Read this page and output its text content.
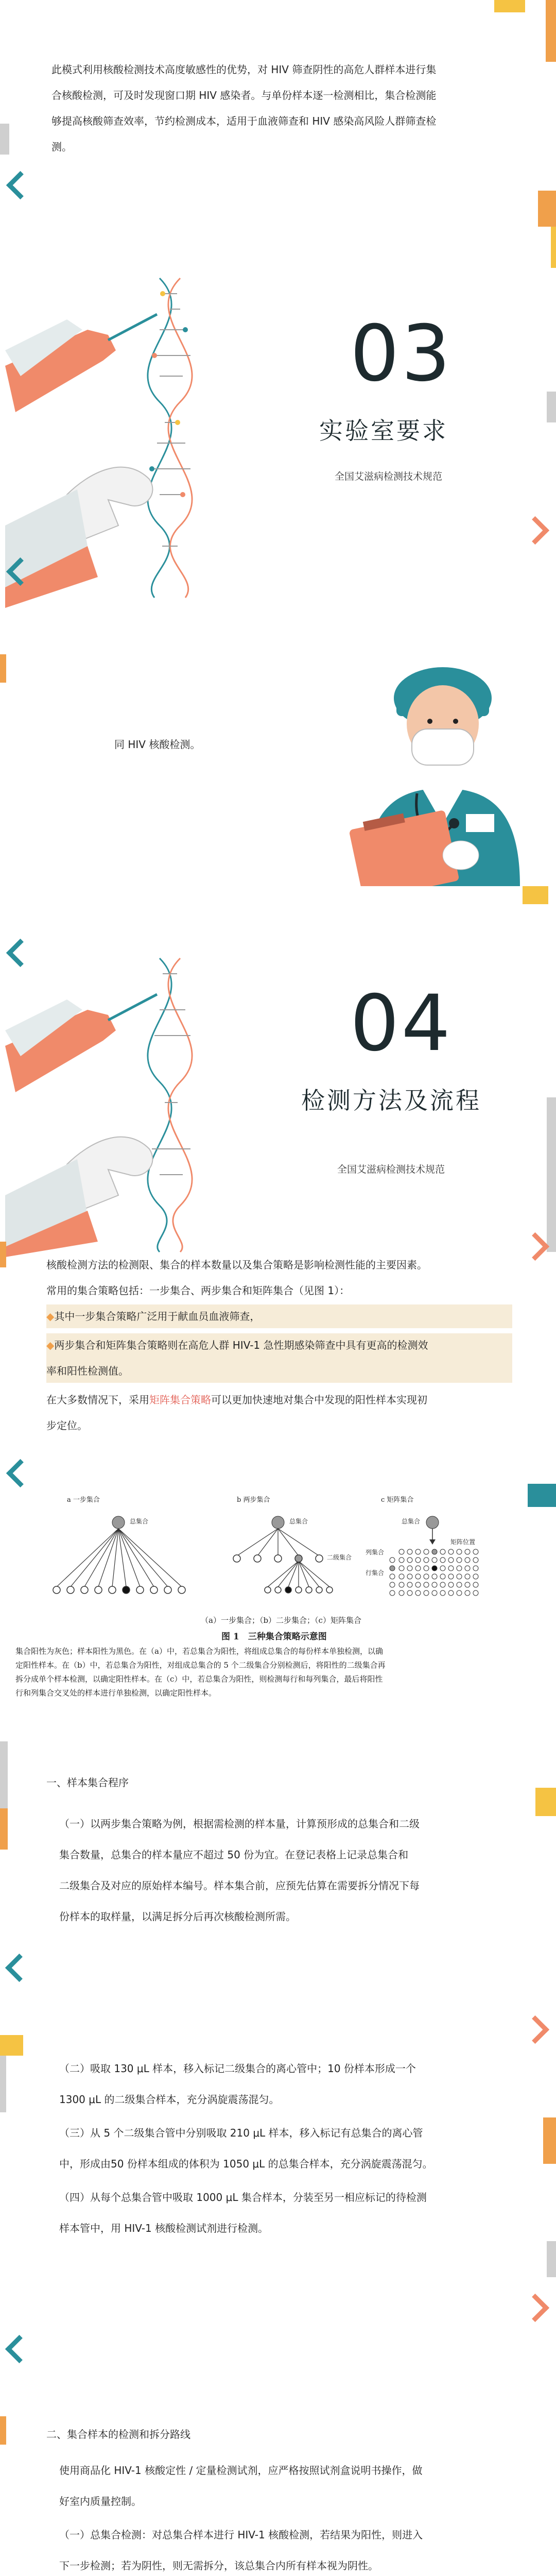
此模式利用核酸检测技术高度敏感性的优势，对 HIV 筛查阴性的高危人群样本进行集
合核酸检测，可及时发现窗口期 HIV 感染者。与单份样本逐一检测相比，集合检测能
够提高核酸筛查效率，节约检测成本，适用于血液筛查和 HIV 感染高风险人群筛查检
测。
03
实验室要求
全国艾滋病检测技术规范
同 HIV 核酸检测。
04
检测方法及流程
全国艾滋病检测技术规范
核酸检测方法的检测限、集合的样本数量以及集合策略是影响检测性能的主要因素。
常用的集合策略包括：一步集合、两步集合和矩阵集合（见图 1）：
◆其中一步集合策略广泛用于献血员血液筛查，
◆两步集合和矩阵集合策略则在高危人群 HIV-1 急性期感染筛查中具有更高的检测效
率和阳性检测值。
在大多数情况下，采用矩阵集合策略可以更加快速地对集合中发现的阳性样本实现初
步定位。
a 一步集合	b 两步集合	c 矩阵集合
总集合	总集合
二级集合
总集合
矩阵位置
列集合
行集合
（a）一步集合；（b）二步集合；（c）矩阵集合
图 1　三种集合策略示意图
集合阳性为灰色；样本阳性为黑色。在（a）中，若总集合为阳性，将组成总集合的每份样本单独检测，以确
定阳性样本。在（b）中，若总集合为阳性，对组成总集合的 5 个二级集合分别检测后，将阳性的二级集合再
拆分成单个样本检测，以确定阳性样本。在（c）中，若总集合为阳性，则检测每行和每列集合，最后将阳性
行和列集合交叉处的样本进行单独检测，以确定阳性样本。
一、样本集合程序
（一）以两步集合策略为例，根据需检测的样本量，计算预形成的总集合和二级
集合数量，总集合的样本量应不超过 50 份为宜。在登记表格上记录总集合和
二级集合及对应的原始样本编号。样本集合前，应预先估算在需要拆分情况下每
份样本的取样量，以满足拆分后再次核酸检测所需。
（二）吸取 130 μL 样本，移入标记二级集合的离心管中；10 份样本形成一个
1300 μL 的二级集合样本，充分涡旋震荡混匀。
（三）从 5 个二级集合管中分别吸取 210 μL 样本，移入标记有总集合的离心管
中，形成由50 份样本组成的体积为 1050 μL 的总集合样本，充分涡旋震荡混匀。
（四）从每个总集合管中吸取 1000 μL 集合样本，分装至另一相应标记的待检测
样本管中，用 HIV-1 核酸检测试剂进行检测。
二、集合样本的检测和拆分路线
使用商品化 HIV-1 核酸定性 / 定量检测试剂，应严格按照试剂盒说明书操作，做
好室内质量控制。
（一）总集合检测：对总集合样本进行 HIV-1 核酸检测，若结果为阳性，则进入
下一步检测；若为阴性，则无需拆分，该总集合内所有样本视为阴性。
